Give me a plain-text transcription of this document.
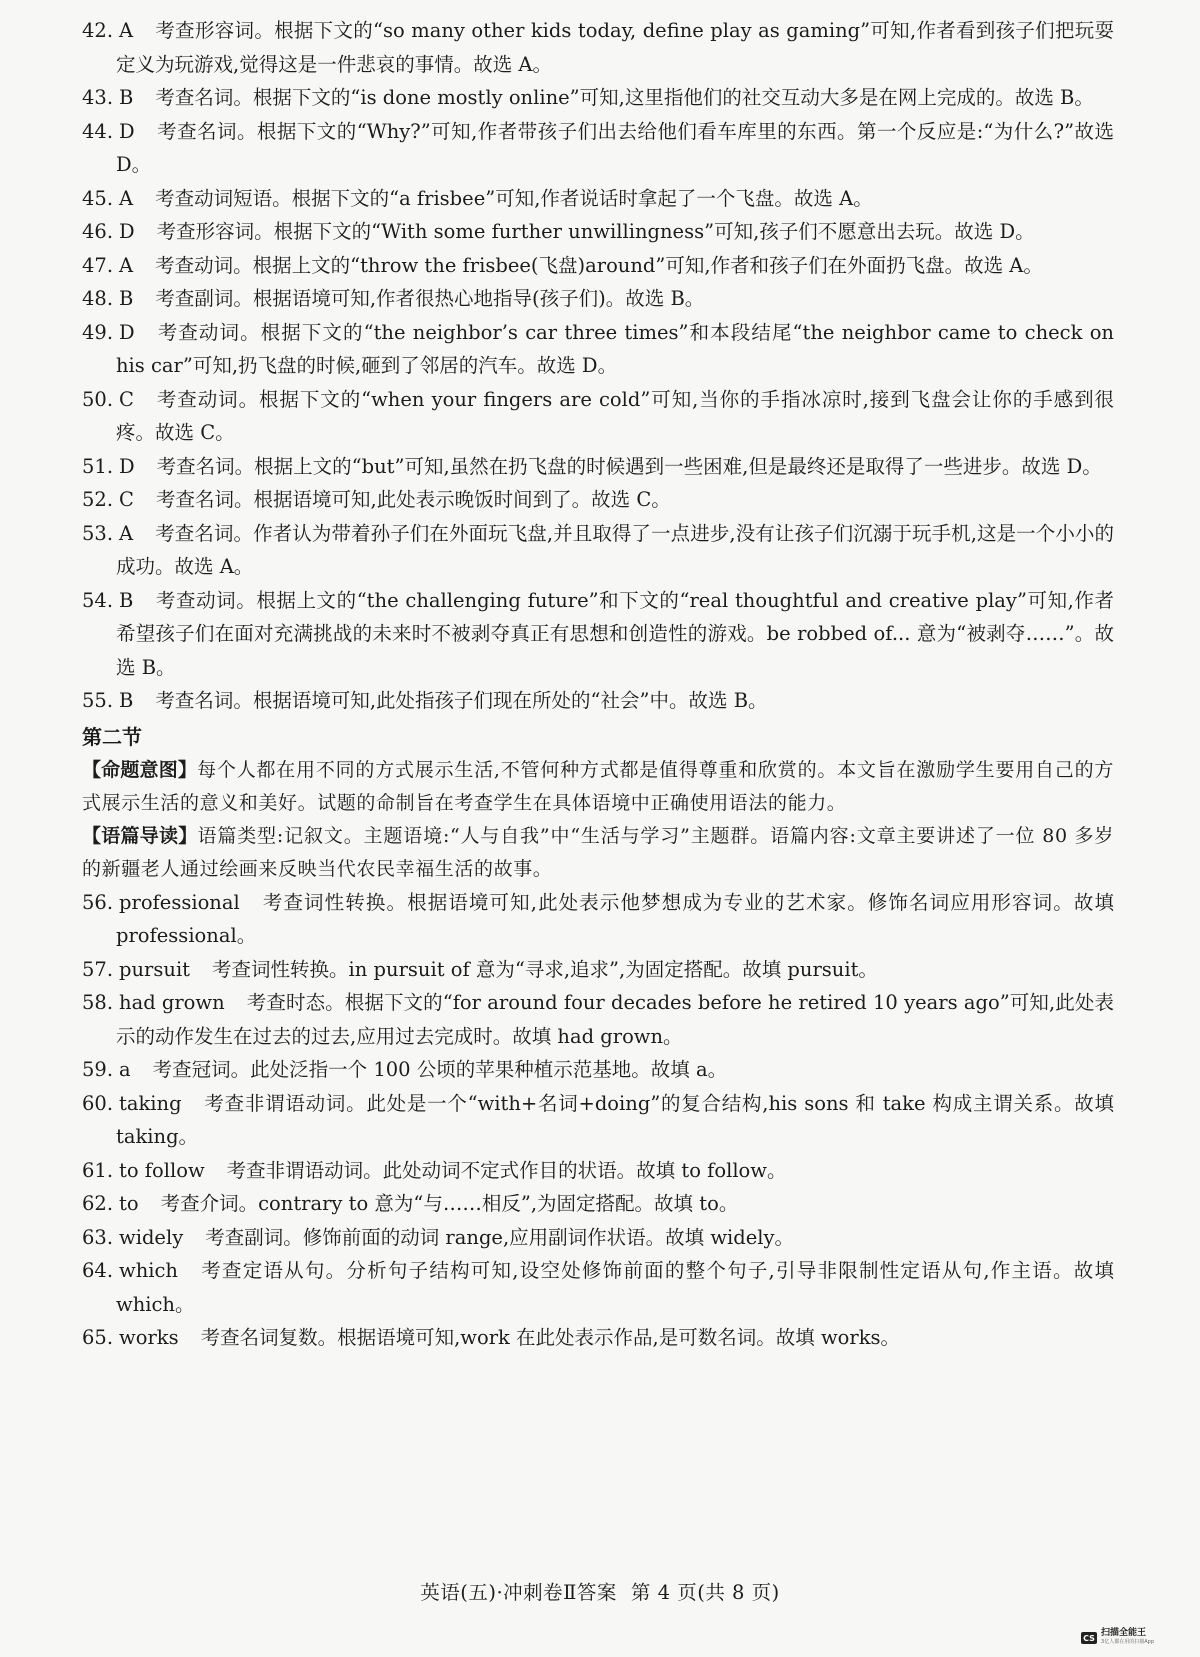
42. A 考查形容词。根据下文的“so many other kids today, define play as gaming”可知,作者看到孩子们把玩耍定义为玩游戏,觉得这是一件悲哀的事情。故选 A。
43. B 考查名词。根据下文的“is done mostly online”可知,这里指他们的社交互动大多是在网上完成的。故选 B。
44. D 考查名词。根据下文的“Why?”可知,作者带孩子们出去给他们看车库里的东西。第一个反应是:“为什么?”故选 D。
45. A 考查动词短语。根据下文的“a frisbee”可知,作者说话时拿起了一个飞盘。故选 A。
46. D 考查形容词。根据下文的“With some further unwillingness”可知,孩子们不愿意出去玩。故选 D。
47. A 考查动词。根据上文的“throw the frisbee(飞盘)around”可知,作者和孩子们在外面扔飞盘。故选 A。
48. B 考查副词。根据语境可知,作者很热心地指导(孩子们)。故选 B。
49. D 考查动词。根据下文的“the neighbor’s car three times”和本段结尾“the neighbor came to check on his car”可知,扔飞盘的时候,砸到了邻居的汽车。故选 D。
50. C 考查动词。根据下文的“when your fingers are cold”可知,当你的手指冰凉时,接到飞盘会让你的手感到很疼。故选 C。
51. D 考查名词。根据上文的“but”可知,虽然在扔飞盘的时候遇到一些困难,但是最终还是取得了一些进步。故选 D。
52. C 考查名词。根据语境可知,此处表示晚饭时间到了。故选 C。
53. A 考查名词。作者认为带着孙子们在外面玩飞盘,并且取得了一点进步,没有让孩子们沉溺于玩手机,这是一个小小的成功。故选 A。
54. B 考查动词。根据上文的“the challenging future”和下文的“real thoughtful and creative play”可知,作者希望孩子们在面对充满挑战的未来时不被剥夺真正有思想和创造性的游戏。be robbed of... 意为“被剥夺……”。故选 B。
55. B 考查名词。根据语境可知,此处指孩子们现在所处的“社会”中。故选 B。
第二节
【命题意图】每个人都在用不同的方式展示生活,不管何种方式都是值得尊重和欣赏的。本文旨在激励学生要用自己的方式展示生活的意义和美好。试题的命制旨在考查学生在具体语境中正确使用语法的能力。
【语篇导读】语篇类型:记叙文。主题语境:“人与自我”中“生活与学习”主题群。语篇内容:文章主要讲述了一位 80 多岁的新疆老人通过绘画来反映当代农民幸福生活的故事。
56. professional 考查词性转换。根据语境可知,此处表示他梦想成为专业的艺术家。修饰名词应用形容词。故填 professional。
57. pursuit 考查词性转换。in pursuit of 意为“寻求,追求”,为固定搭配。故填 pursuit。
58. had grown 考查时态。根据下文的“for around four decades before he retired 10 years ago”可知,此处表示的动作发生在过去的过去,应用过去完成时。故填 had grown。
59. a 考查冠词。此处泛指一个 100 公顷的苹果种植示范基地。故填 a。
60. taking 考查非谓语动词。此处是一个“with+名词+doing”的复合结构,his sons 和 take 构成主谓关系。故填 taking。
61. to follow 考查非谓语动词。此处动词不定式作目的状语。故填 to follow。
62. to 考查介词。contrary to 意为“与……相反”,为固定搭配。故填 to。
63. widely 考查副词。修饰前面的动词 range,应用副词作状语。故填 widely。
64. which 考查定语从句。分析句子结构可知,设空处修饰前面的整个句子,引导非限制性定语从句,作主语。故填 which。
65. works 考查名词复数。根据语境可知,work 在此处表示作品,是可数名词。故填 works。
英语(五)·冲刺卷Ⅱ答案 第 4 页(共 8 页)
CS 扫描全能王
3亿人都在用的扫描App
